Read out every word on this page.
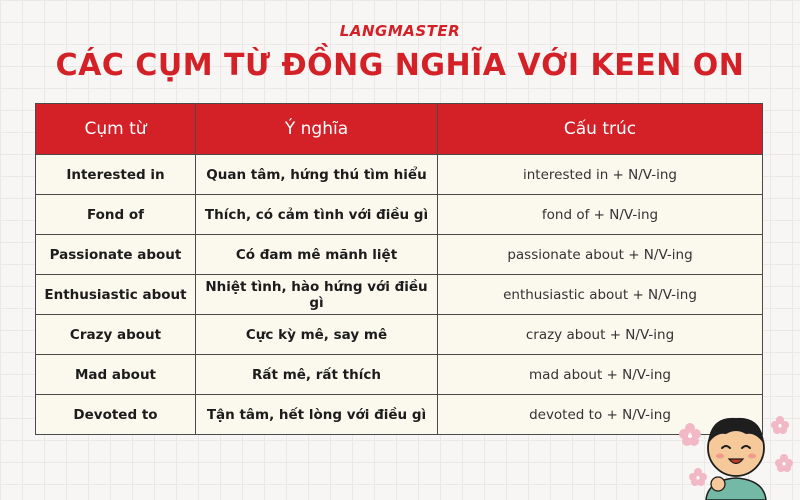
LANGMASTER
CÁC CỤM TỪ ĐỒNG NGHĨA VỚI KEEN ON
Cụm từ	Ý nghĩa	Cấu trúc
Interested in	Quan tâm, hứng thú tìm hiểu	interested in + N/V-ing
Fond of	Thích, có cảm tình với điều gì	fond of + N/V-ing
Passionate about	Có đam mê mãnh liệt	passionate about + N/V-ing
Enthusiastic about	Nhiệt tình, hào hứng với điều gì	enthusiastic about + N/V-ing
Crazy about	Cực kỳ mê, say mê	crazy about + N/V-ing
Mad about	Rất mê, rất thích	mad about + N/V-ing
Devoted to	Tận tâm, hết lòng với điều gì	devoted to + N/V-ing
